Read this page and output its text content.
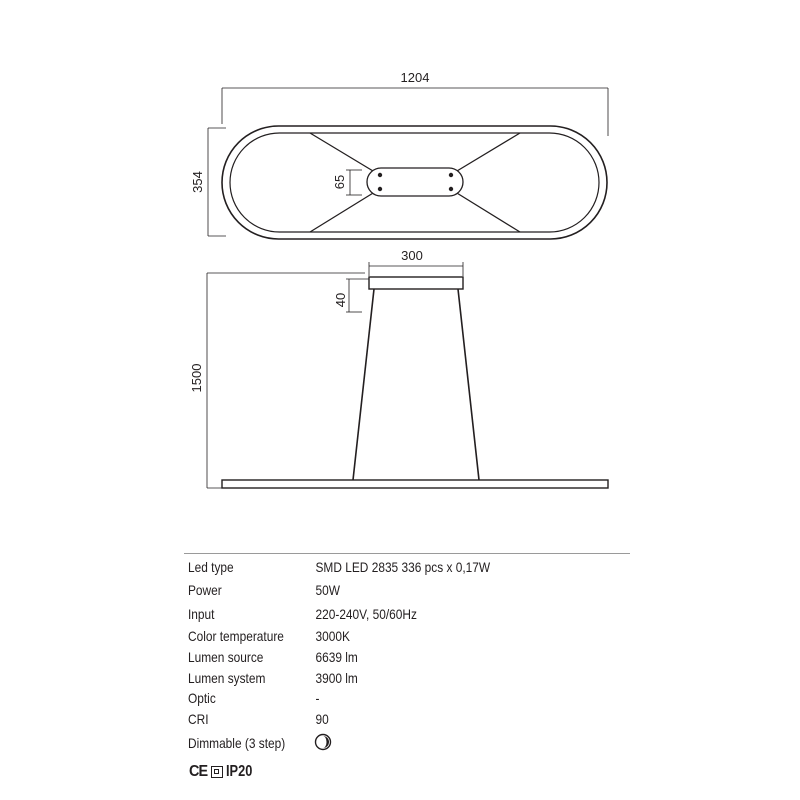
1204
354	65
300
40
1500
Led type	SMD LED 2835 336 pcs x 0,17W
Power	50W
Input	220-240V, 50/60Hz
Color temperature 3000K
Lumen source	6639 lm
Lumen system	3900 lm
Optic	-
CRI	90
Dimmable (3 step)
CE IP20
